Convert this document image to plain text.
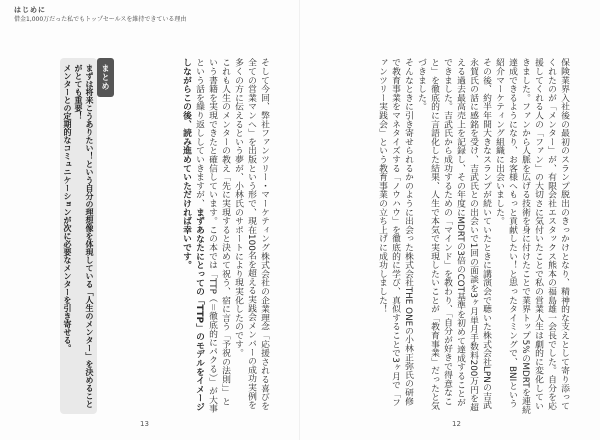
はじめに
借金1,000万だった私でもトップセールスを維持できている理由

保険業界入社後の最初のスランプ脱出のきっかけとなり、精神的な支えとして寄り添ってくれたのが「メンター」が、有限会社エスタックス熊本の福島雄一会長でした。自分を応援してくれる人の「ファン」の大切さに気付いたことで私の営業人生は劇的に変化していきました。ファンから人脈を広げる技術を身に付けたことで業界トップ5%のMDRTを連続達成できるようになり、お客様へもっと貢献したい！と思ったタイミングで、BNIという紹介マーケティング組織に出会いました。

その後、約半年間大きなスランプが続いていたときに講演会で聴いた株式会社LPNの吉武永賀氏の話に感銘を受け、吉武氏との出会いで1回の面談を3ヶ月単月手数料200万円を超える過去最高売上を記録し、その年度にMDRTの3倍のCOT基準を初めて達成することができました。吉武氏から成功するための「マインド」を教わり、「自分が好きで得意なこと」を徹底的に言語化した結果、人生で本気で実現したいことが「教育事業」だったと気づきました。

そんなときに引き寄せられるかのように出会った株式会社THE ONEの小林正弥氏の研修で教育事業をマネタイズする「ノウハウ」を徹底的に学び、真似することで3ヶ月で「ファンツリー実践会」という教育事業の立ち上げに成功しました！

そして今回、弊社ファンツリー・マーケティング株式会社の企業理念「応援される喜びを全ての営業マンへ」を出版という形で、現在100名を超える実践会メンバーの成功実例を多くの方に伝えるという夢が、小林氏のサポートにより現実化したのです。

これも人生のメンターの教え「先に実現すると決めて祝う、宿に言う「予祝の法則」」という書籍を実現できたと確信しています。この本では「TTP（＝徹底的にパクる）」が大事という話を繰り返ししていきますが、まずあなたにとっての「TTP」のモデルをイメージしながらこの後、読み進めていただければ幸いです。

まとめ
まずは将来こうありたい！という自分の理想像を体現している「人生のメンター」を決めることがとても重要！
メンターとの定期的なコミュニケーションが次に必要なメンターを引き寄せる。
13	12
